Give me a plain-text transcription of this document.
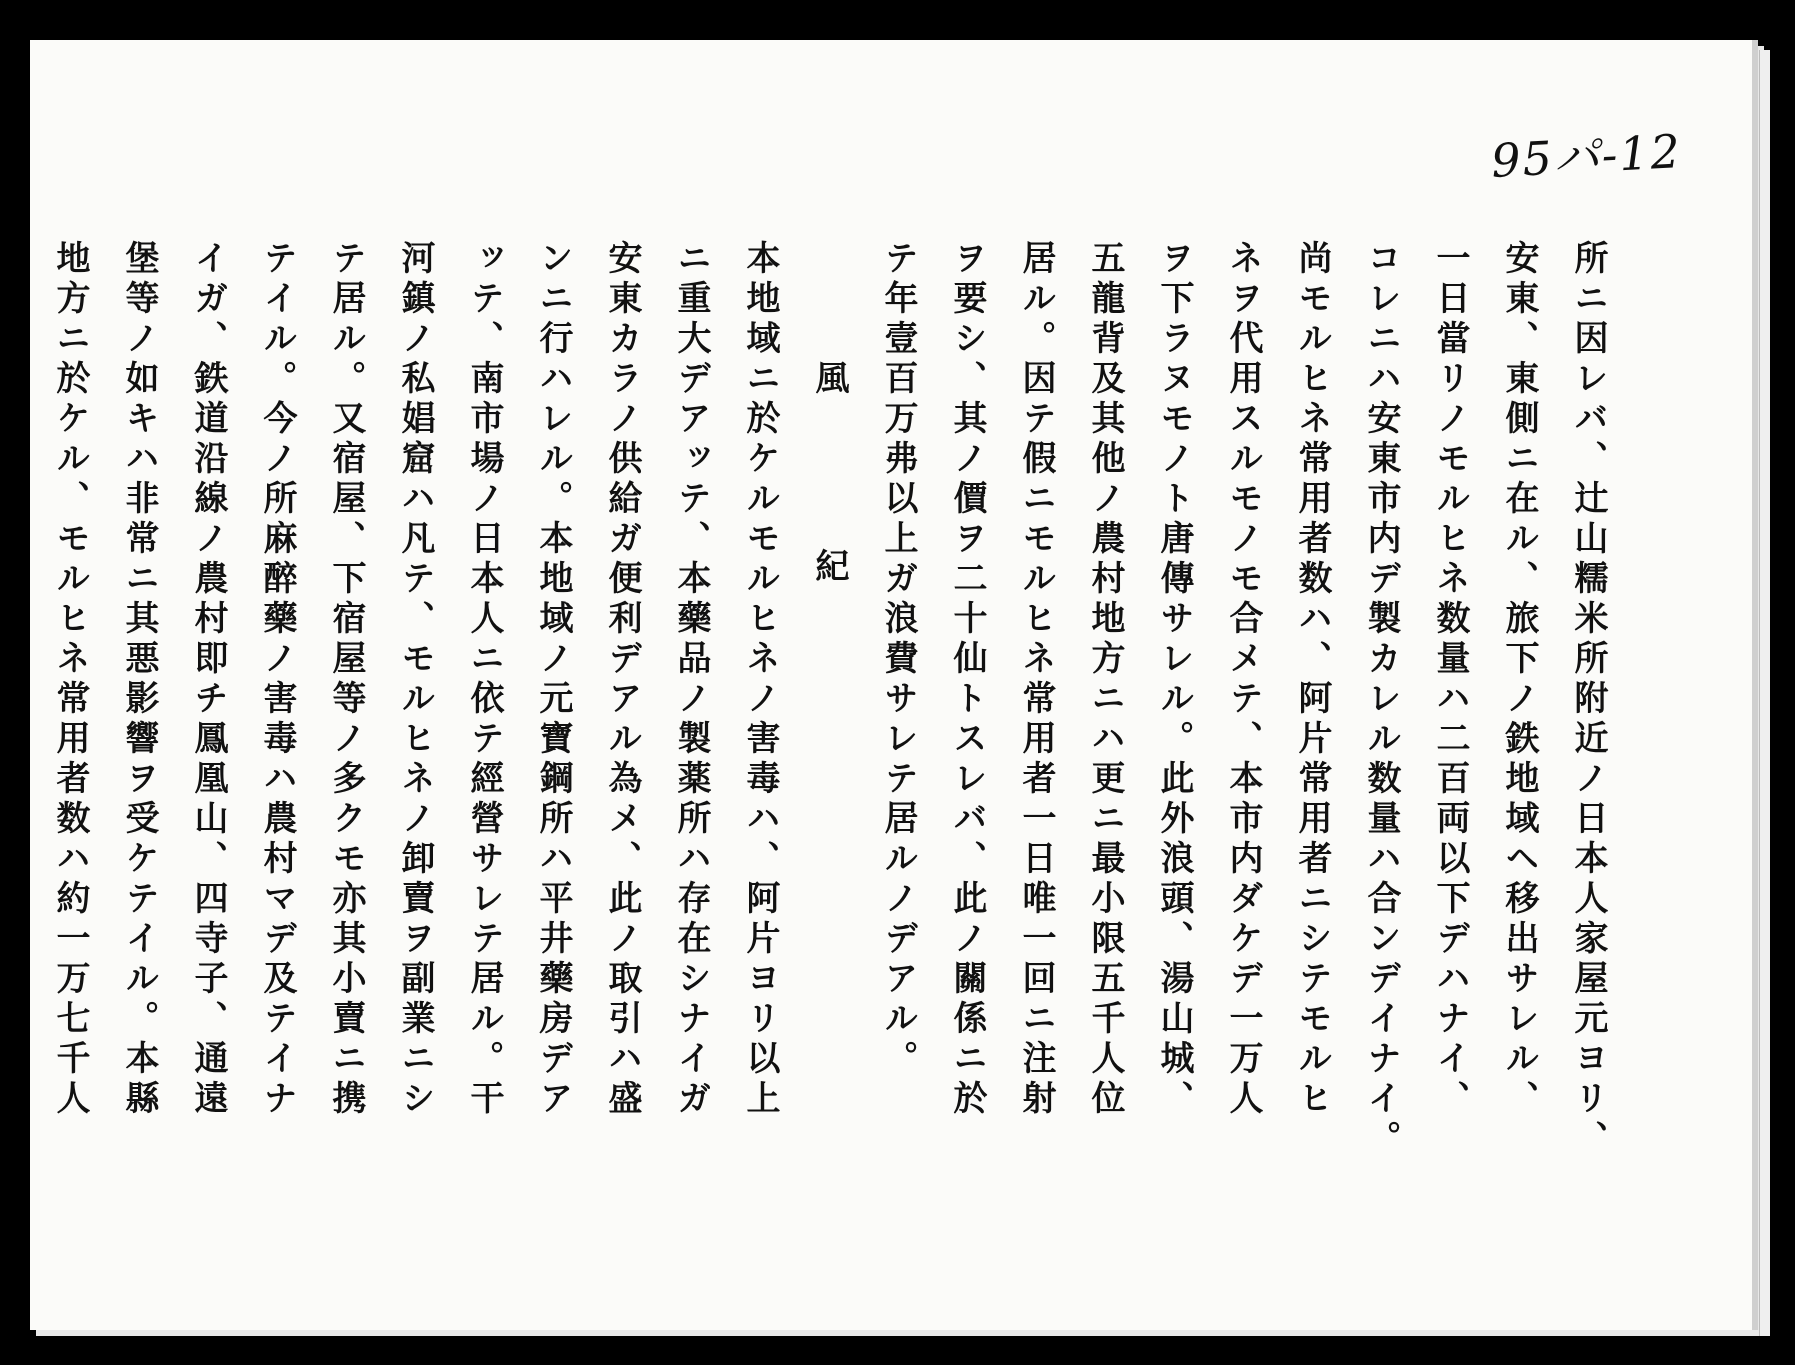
95パ-12
所ニ因レバ、辻山糯米所附近ノ日本人家屋元ヨリ、
安東、東側ニ在ル、旅下ノ鉄地域ヘ移出サレル、
一日當リノモルヒネ数量ハ二百両以下デハナイ、
コレニハ安東市内デ製カレル数量ハ合ンデイナイ。
尚モルヒネ常用者数ハ、阿片常用者ニシテモルヒ
ネヲ代用スルモノモ合メテ、本市内ダケデ一万人
ヲ下ラヌモノト唐傳サレル。此外浪頭、湯山城、
五龍背及其他ノ農村地方ニハ更ニ最小限五千人位
居ル。因テ假ニモルヒネ常用者一日唯一回ニ注射
ヲ要シ、其ノ價ヲ二十仙トスレバ、此ノ關係ニ於
テ年壹百万弗以上ガ浪費サレテ居ルノデアル。
風　紀
本地域ニ於ケルモルヒネノ害毒ハ、阿片ヨリ以上
ニ重大デアッテ、本藥品ノ製薬所ハ存在シナイガ
安東カラノ供給ガ便利デアル為メ、此ノ取引ハ盛
ンニ行ハレル。本地域ノ元寶鋼所ハ平井藥房デア
ッテ、南市場ノ日本人ニ依テ經營サレテ居ル。干
河鎮ノ私娼窟ハ凡テ、モルヒネノ卸賣ヲ副業ニシ
テ居ル。又宿屋、下宿屋等ノ多クモ亦其小賣ニ携
テイル。今ノ所麻醉藥ノ害毒ハ農村マデ及テイナ
イガ、鉄道沿線ノ農村即チ鳳凰山、四寺子、通遠
堡等ノ如キハ非常ニ其悪影響ヲ受ケテイル。本縣
地方ニ於ケル、モルヒネ常用者数ハ約一万七千人
